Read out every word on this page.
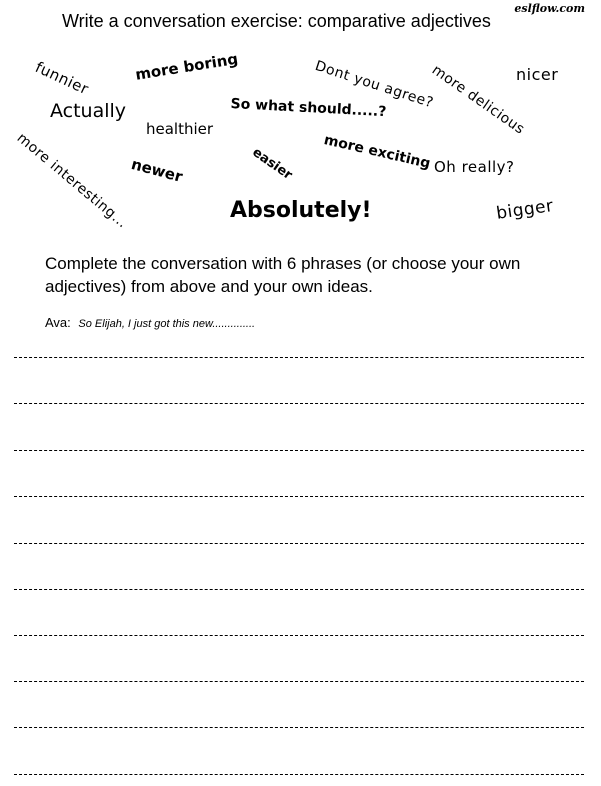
Write a conversation exercise: comparative adjectives
eslflow.com
funnier	more boring	Dont you agree?
more delicious
nicer
Actually	So what should.....?
healthier
more interesting...
newer	easier more exciting Oh really?
Absolutely!	bigger
Complete the conversation with 6 phrases (or choose your own adjectives) from above and your own ideas.
Ava: So Elijah, I just got this new..............
